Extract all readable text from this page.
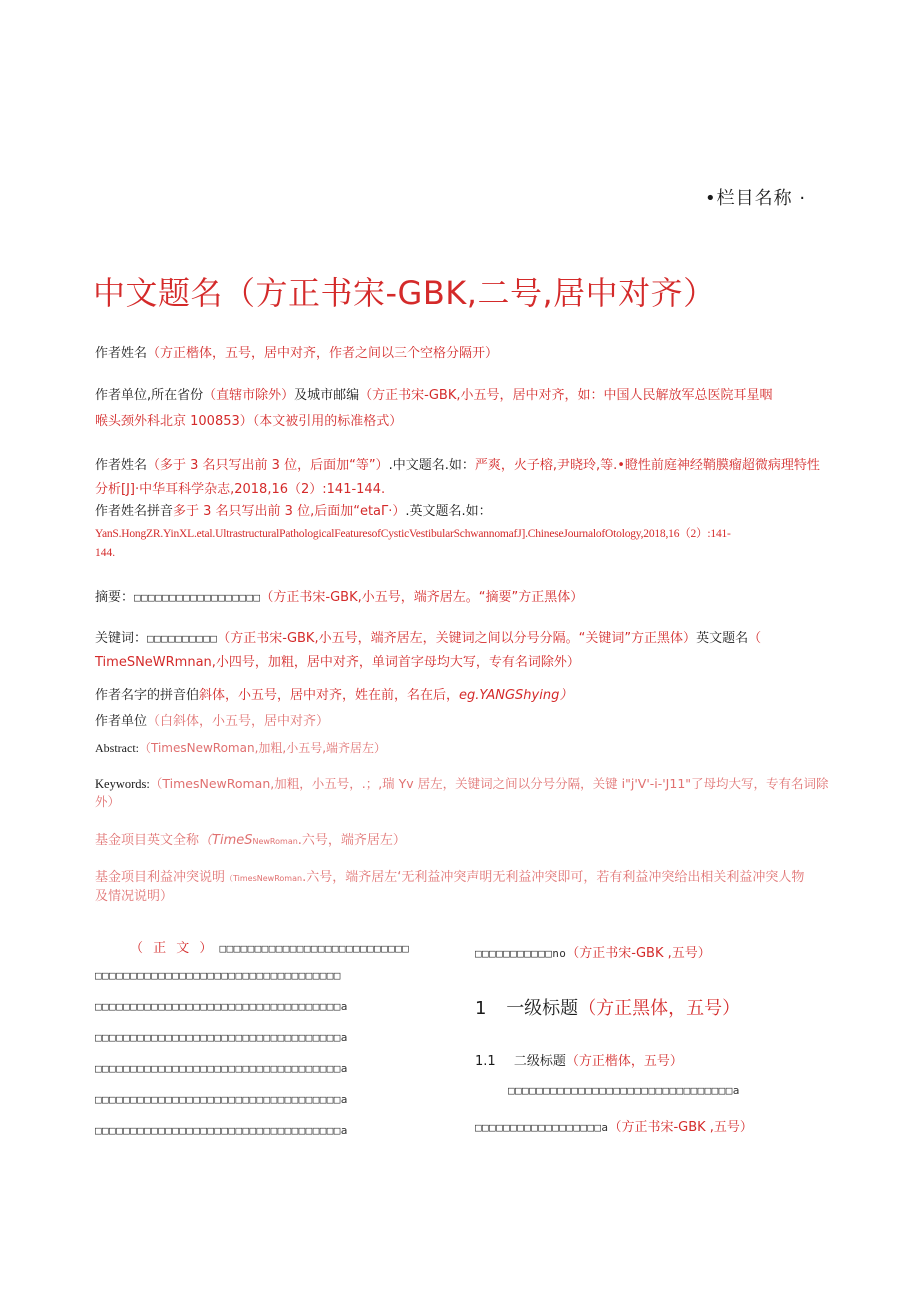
•栏目名称 ·
中文题名（方正书宋-GBK,二号,居中对齐）
作者姓名（方正楷体，五号，居中对齐，作者之间以三个空格分隔开）
作者单位,所在省份（直辖市除外）及城市邮编（方正书宋-GBK,小五号，居中对齐，如：中国人民解放军总医院耳星咽
喉头颈外科北京 100853）（本文被引用的标准格式）
作者姓名（多于 3 名只写出前 3 位，后面加“等”）.中文题名.如：严爽，火子榕,尹晓玲,等.•瞪性前庭神经鞘膜瘤超微病理特性
分析[J]·中华耳科学杂志,2018,16（2）:141-144.
作者姓名拼音多于 3 名只写出前 3 位,后面加“etaΓ·）.英文题名.如：
YanS.HongZR.YinXL.etal.UltrastructuralPathologicalFeaturesofCysticVestibularSchwannomafJ].ChineseJournalofOtology,2018,16（2）:141-
144.
摘要：□□□□□□□□□□□□□□□□□□（方正书宋-GBK,小五号，端齐居左。“摘要”方正黑体）
关键词：□□□□□□□□□□（方正书宋-GBK,小五号，端齐居左，关键词之间以分号分隔。“关键词”方正黑体）英文题名（
TimeSNeWRmnan,小四号，加粗，居中对齐，单词首字母均大写，专有名词除外）
作者名字的拼音伯斜体，小五号，居中对齐，姓在前，名在后，eg.YANGShying）
作者单位（白斜体，小五号，居中对齐）
Abstract:（TimesNewRoman,加粗,小五号,端齐居左）
Keywords:（TimesNewRoman,加粗，小五号，.；,瑞 Yv 居左，关键词之间以分号分隔，关键 i"j'V'-i-'J11"了母均大写，专有名词除
外）
基金项目英文全称（TimeSNewRoman.六号，端齐居左）
基金项目利益冲突说明（TimesNewRoman.六号，端齐居左‘无利益冲突声明无利益冲突即可，若有利益冲突给出相关利益冲突人物
及情况说明）
（ 正 文 ） □□□□□□□□□□□□□□□□□□□□□□□□□□□
□□□□□□□□□□□□□□□□□□□□□□□□□□□□□□□□□□□
□□□□□□□□□□□□□□□□□□□□□□□□□□□□□□□□□□□a
□□□□□□□□□□□□□□□□□□□□□□□□□□□□□□□□□□□a
□□□□□□□□□□□□□□□□□□□□□□□□□□□□□□□□□□□a
□□□□□□□□□□□□□□□□□□□□□□□□□□□□□□□□□□□a
□□□□□□□□□□□□□□□□□□□□□□□□□□□□□□□□□□□a
□□□□□□□□□□□no（方正书宋-GBK ,五号）
1 一级标题（方正黑体，五号）
1.1 二级标题（方正楷体，五号）
□□□□□□□□□□□□□□□□□□□□□□□□□□□□□□□□a
□□□□□□□□□□□□□□□□□□a（方正书宋-GBK ,五号）
